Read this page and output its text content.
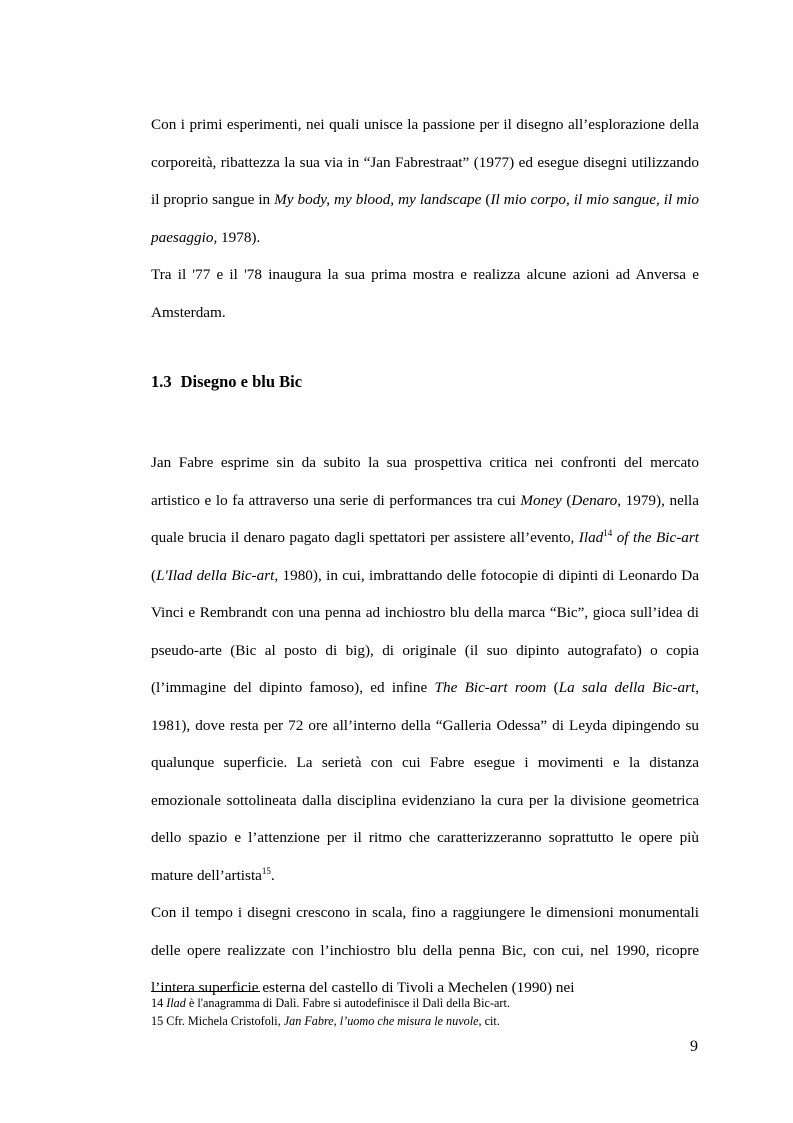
Con i primi esperimenti, nei quali unisce la passione per il disegno all’esplorazione della corporeità, ribattezza la sua via in “Jan Fabrestraat” (1977) ed esegue disegni utilizzando il proprio sangue in My body, my blood, my landscape (Il mio corpo, il mio sangue, il mio paesaggio, 1978).

Tra il '77 e il '78 inaugura la sua prima mostra e realizza alcune azioni ad Anversa e Amsterdam.

1.3 Disegno e blu Bic

Jan Fabre esprime sin da subito la sua prospettiva critica nei confronti del mercato artistico e lo fa attraverso una serie di performances tra cui Money (Denaro, 1979), nella quale brucia il denaro pagato dagli spettatori per assistere all’evento, Ilad$^{14}$ of the Bic-art (L'Ilad della Bic-art, 1980), in cui, imbrattando delle fotocopie di dipinti di Leonardo Da Vinci e Rembrandt con una penna ad inchiostro blu della marca “Bic”, gioca sull’idea di pseudo-arte (Bic al posto di big), di originale (il suo dipinto autografato) o copia (l’immagine del dipinto famoso), ed infine The Bic-art room (La sala della Bic-art, 1981), dove resta per 72 ore all’interno della “Galleria Odessa” di Leyda dipingendo su qualunque superficie. La serietà con cui Fabre esegue i movimenti e la distanza emozionale sottolineata dalla disciplina evidenziano la cura per la divisione geometrica dello spazio e l’attenzione per il ritmo che caratterizzeranno soprattutto le opere più mature dell’artista$^{15}$.

Con il tempo i disegni crescono in scala, fino a raggiungere le dimensioni monumentali delle opere realizzate con l’inchiostro blu della penna Bic, con cui, nel 1990, ricopre l’intera superficie esterna del castello di Tivoli a Mechelen (1990) nei

14 Ilad è l'anagramma di Dalì. Fabre si autodefinisce il Dalì della Bic-art.

15 Cfr. Michela Cristofoli, Jan Fabre, l’uomo che misura le nuvole, cit.

9
